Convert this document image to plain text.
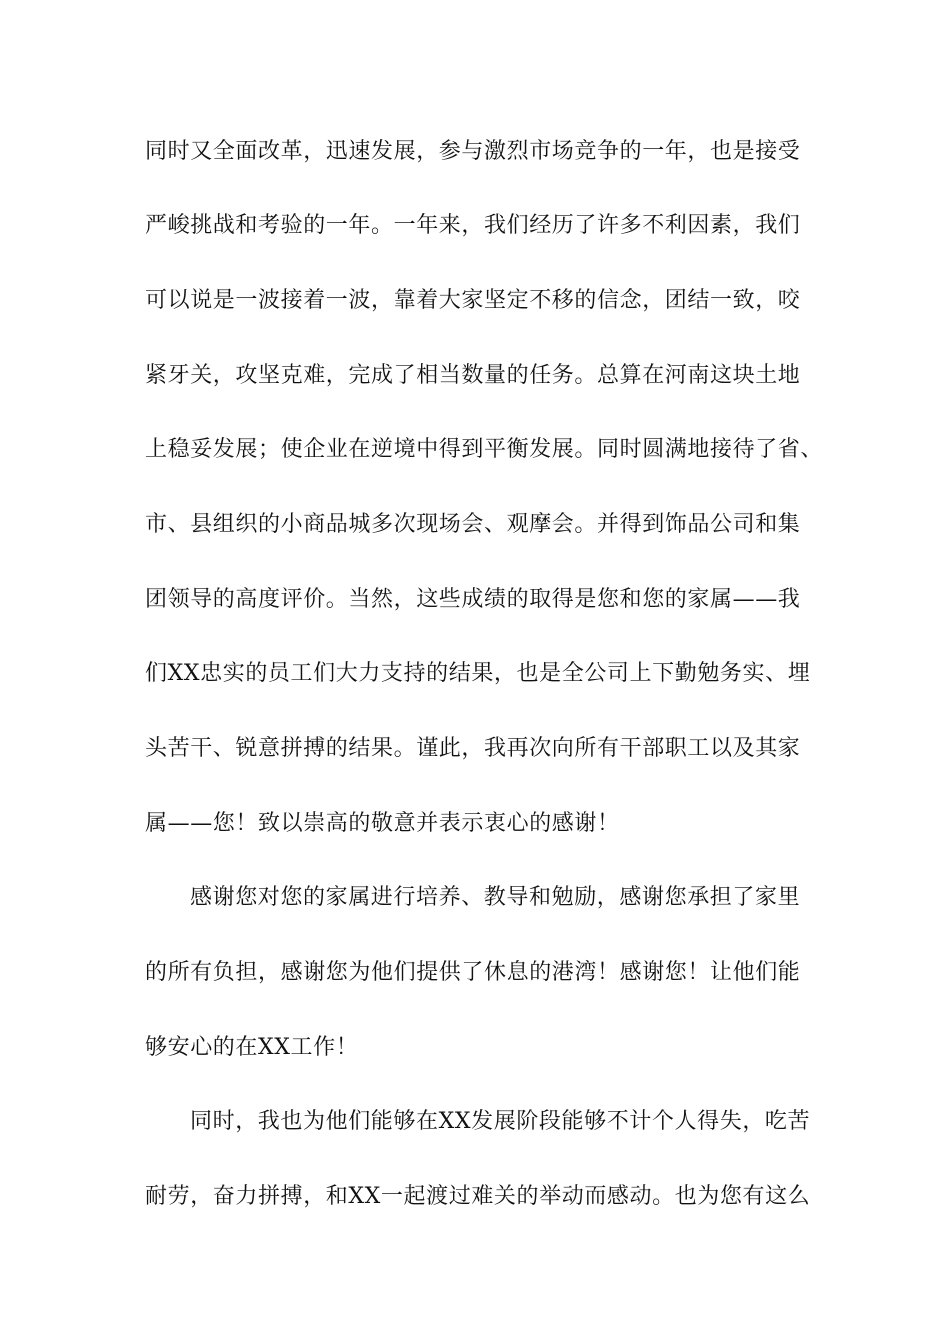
同时又全面改革，迅速发展，参与激烈市场竞争的一年，也是接受
严峻挑战和考验的一年。一年来，我们经历了许多不利因素，我们
可以说是一波接着一波，靠着大家坚定不移的信念，团结一致，咬
紧牙关，攻坚克难，完成了相当数量的任务。总算在河南这块土地
上稳妥发展；使企业在逆境中得到平衡发展。同时圆满地接待了省、
市、县组织的小商品城多次现场会、观摩会。并得到饰品公司和集
团领导的高度评价。当然，这些成绩的取得是您和您的家属——我
们XX忠实的员工们大力支持的结果，也是全公司上下勤勉务实、埋
头苦干、锐意拼搏的结果。谨此，我再次向所有干部职工以及其家
属——您！致以崇高的敬意并表示衷心的感谢！
感谢您对您的家属进行培养、教导和勉励，感谢您承担了家里
的所有负担，感谢您为他们提供了休息的港湾！感谢您！让他们能
够安心的在XX工作！
同时，我也为他们能够在XX发展阶段能够不计个人得失，吃苦
耐劳，奋力拼搏，和XX一起渡过难关的举动而感动。也为您有这么
